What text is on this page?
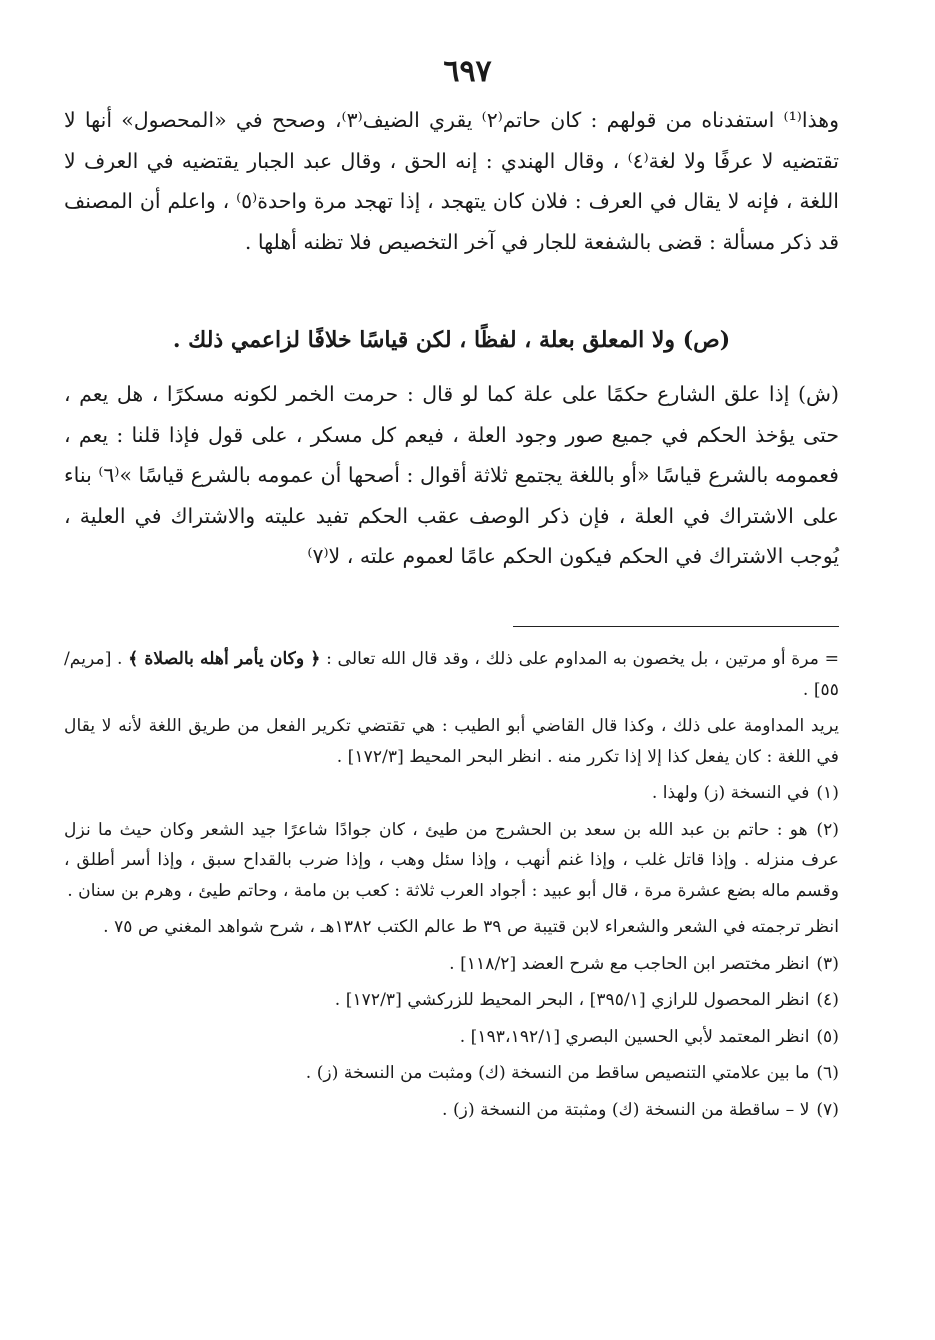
٦٩٧

وهذا⁽¹⁾ استفدناه من قولهم : كان حاتم⁽٢⁾ يقري الضيف⁽٣⁾، وصحح في «المحصول» أنها لا تقتضيه لا عرفًا ولا لغة⁽٤⁾ ، وقال الهندي : إنه الحق ، وقال عبد الجبار يقتضيه في العرف لا اللغة ، فإنه لا يقال في العرف : فلان كان يتهجد ، إذا تهجد مرة واحدة⁽٥⁾ ، واعلم أن المصنف قد ذكر مسألة : قضى بالشفعة للجار في آخر التخصيص فلا تظنه أهلها .

(ص) ولا المعلق بعلة ، لفظًا ، لكن قياسًا خلافًا لزاعمي ذلك .

(ش) إذا علق الشارع حكمًا على علة كما لو قال : حرمت الخمر لكونه مسكرًا ، هل يعم ، حتى يؤخذ الحكم في جميع صور وجود العلة ، فيعم كل مسكر ، على قول فإذا قلنا : يعم ، فعمومه بالشرع قياسًا «أو باللغة يجتمع ثلاثة أقوال : أصحها أن عمومه بالشرع قياسًا »⁽٦⁾ بناء على الاشتراك في العلة ، فإن ذكر الوصف عقب الحكم تفيد عليته والاشتراك في العلية ، يُوجب الاشتراك في الحكم فيكون الحكم عامًا لعموم علته ، لا⁽٧⁾

= مرة أو مرتين ، بل يخصون به المداوم على ذلك ، وقد قال الله تعالى : ﴿ وكان يأمر أهله بالصلاة ﴾ . [مريم/٥٥] .

يريد المداومة على ذلك ، وكذا قال القاضي أبو الطيب : هي تقتضي تكرير الفعل من طريق اللغة لأنه لا يقال في اللغة : كان يفعل كذا إلا إذا تكرر منه . انظر البحر المحيط [١٧٢/٣] .

(١) في النسخة (ز) ولهذا .

(٢) هو : حاتم بن عبد الله بن سعد بن الحشرج من طيئ ، كان جوادًا شاعرًا جيد الشعر وكان حيث ما نزل عرف منزله . وإذا قاتل غلب ، وإذا غنم أنهب ، وإذا سئل وهب ، وإذا ضرب بالقداح سبق ، وإذا أسر أطلق ، وقسم ماله بضع عشرة مرة ، قال أبو عبيد : أجواد العرب ثلاثة : كعب بن مامة ، وحاتم طيئ ، وهرم بن سنان .

انظر ترجمته في الشعر والشعراء لابن قتيبة ص ٣٩ ط عالم الكتب ١٣٨٢هـ ، شرح شواهد المغني ص ٧٥ .

(٣) انظر مختصر ابن الحاجب مع شرح العضد [١١٨/٢] .

(٤) انظر المحصول للرازي [٣٩٥/١] ، البحر المحيط للزركشي [١٧٢/٣] .

(٥) انظر المعتمد لأبي الحسين البصري [١٩٣،١٩٢/١] .

(٦) ما بين علامتي التنصيص ساقط من النسخة (ك) ومثبت من النسخة (ز) .

(٧) لا – ساقطة من النسخة (ك) ومثبتة من النسخة (ز) .
